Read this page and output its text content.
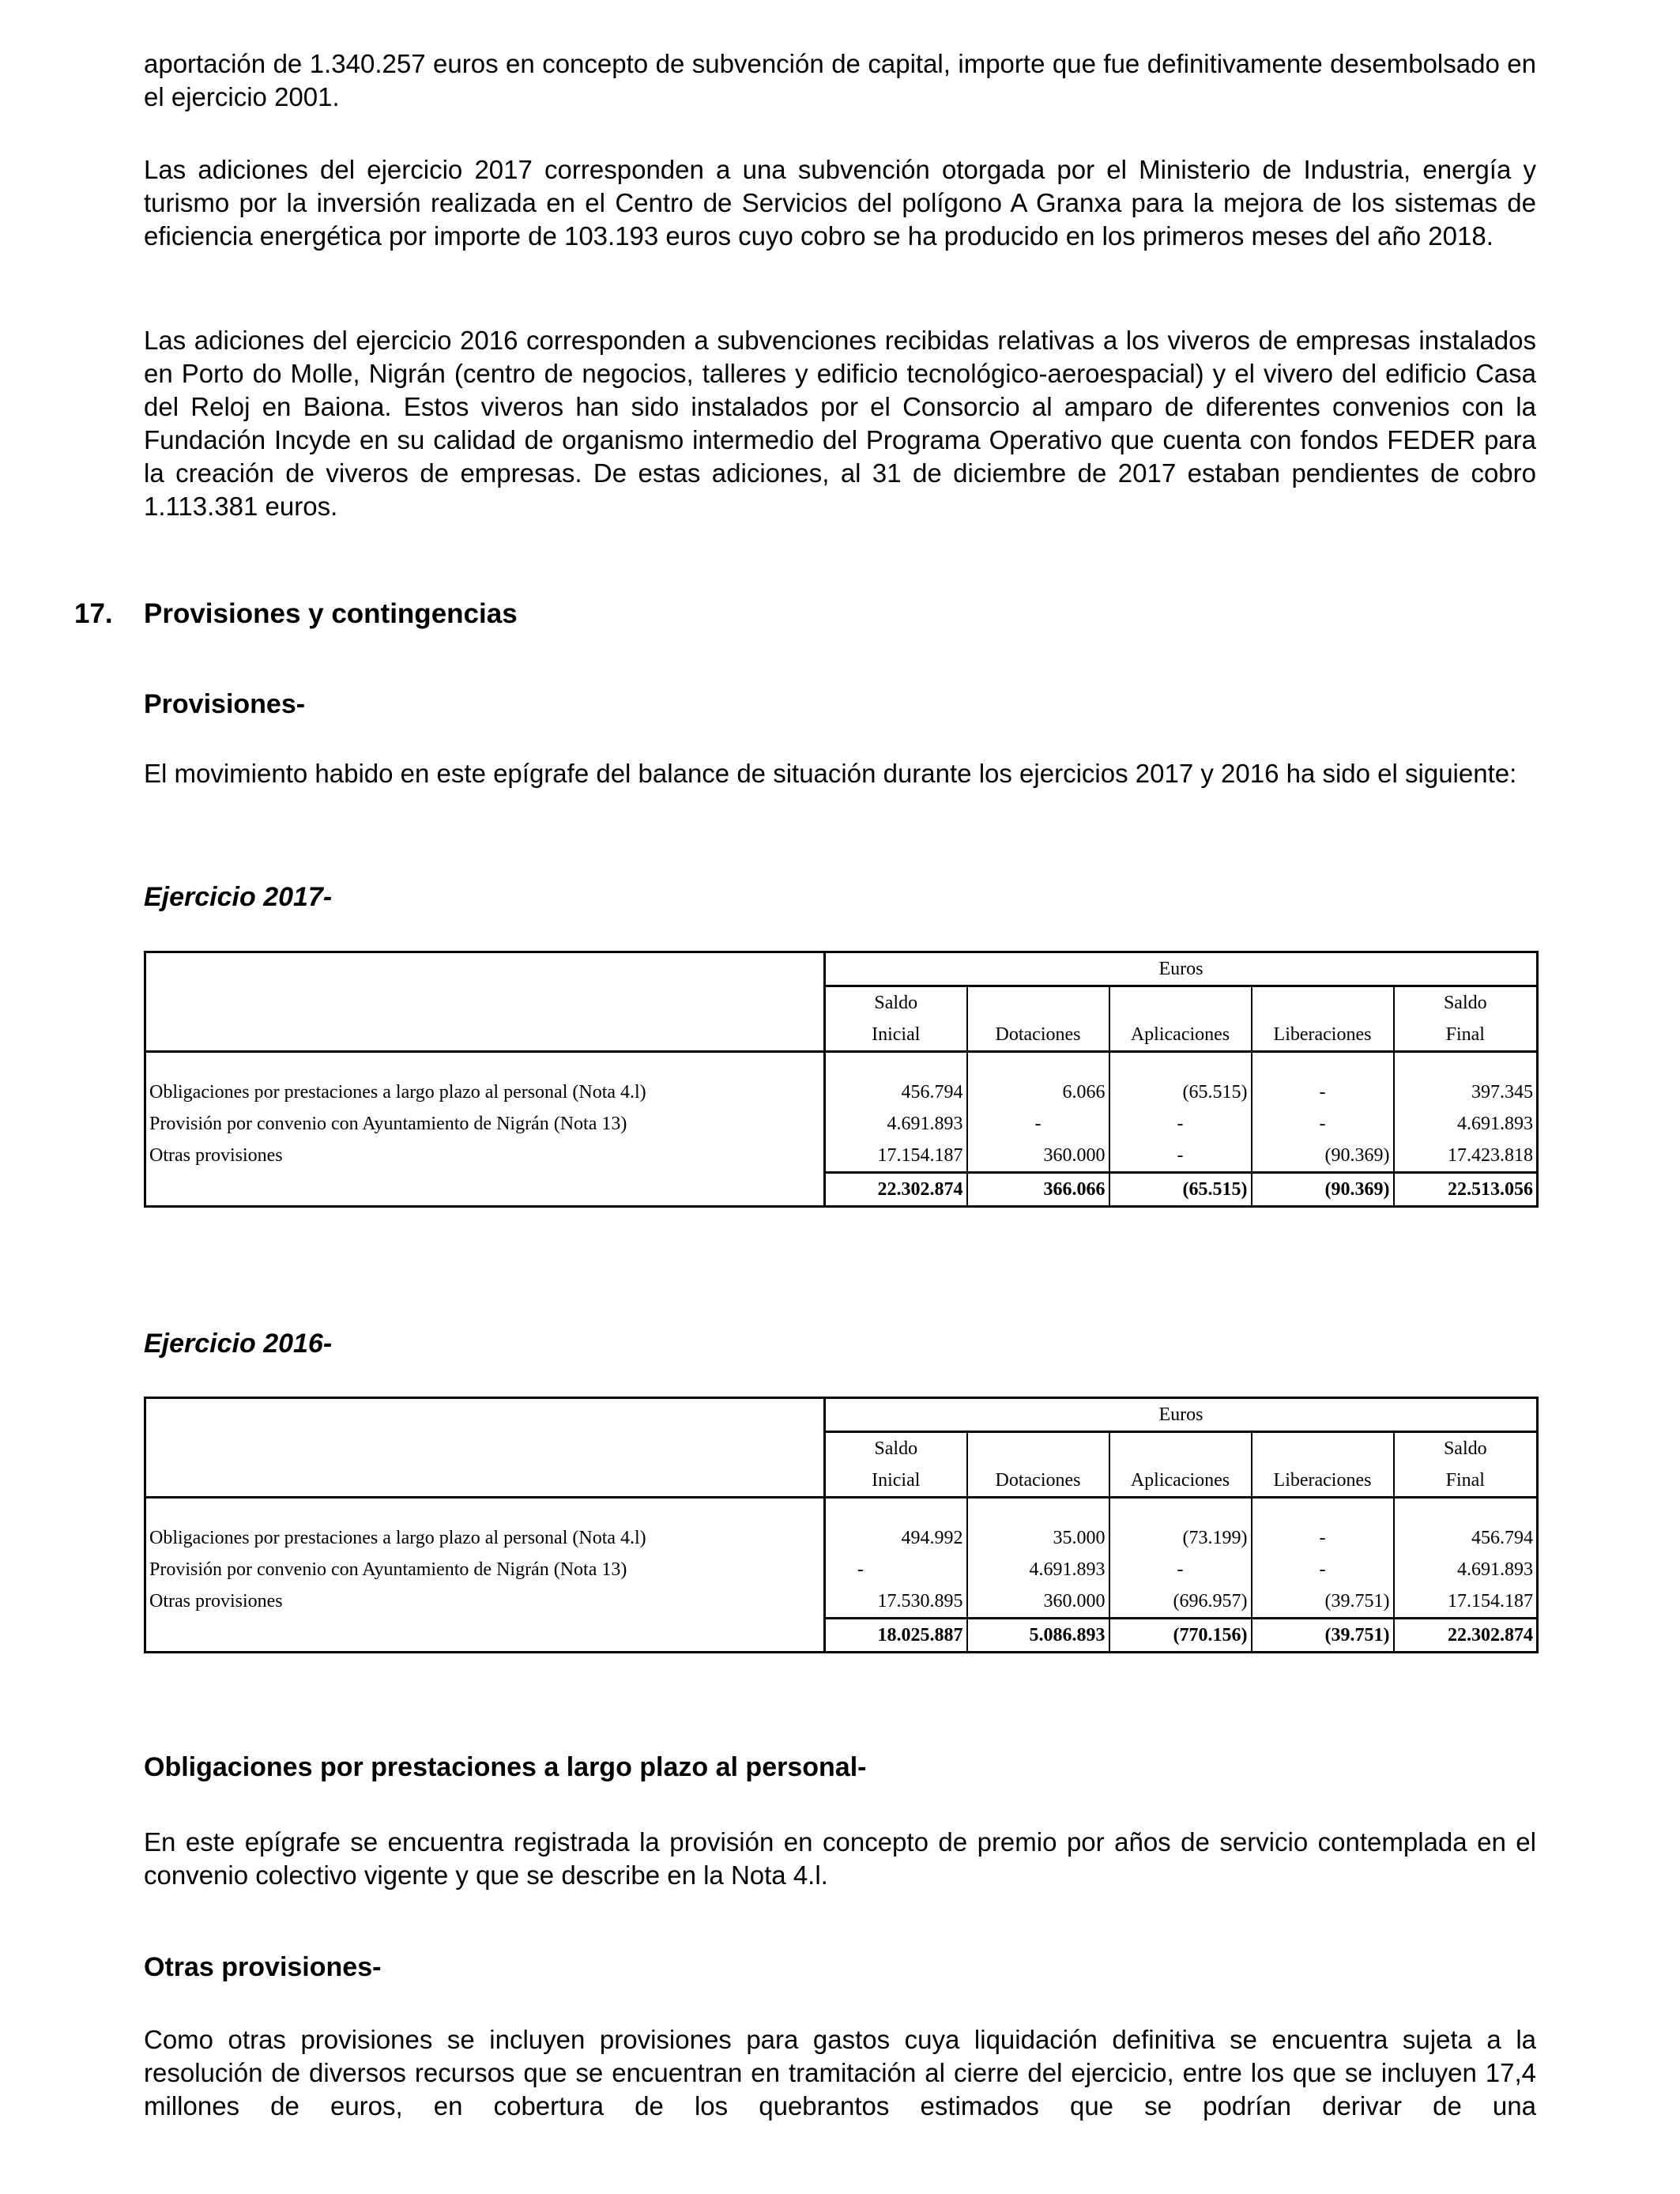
aportación de 1.340.257 euros en concepto de subvención de capital, importe que fue definitivamente desembolsado en el ejercicio 2001.

Las adiciones del ejercicio 2017 corresponden a una subvención otorgada por el Ministerio de Industria, energía y turismo por la inversión realizada en el Centro de Servicios del polígono A Granxa para la mejora de los sistemas de eficiencia energética por importe de 103.193 euros cuyo cobro se ha producido en los primeros meses del año 2018.

Las adiciones del ejercicio 2016 corresponden a subvenciones recibidas relativas a los viveros de empresas instalados en Porto do Molle, Nigrán (centro de negocios, talleres y edificio tecnológico-aeroespacial) y el vivero del edificio Casa del Reloj en Baiona. Estos viveros han sido instalados por el Consorcio al amparo de diferentes convenios con la Fundación Incyde en su calidad de organismo intermedio del Programa Operativo que cuenta con fondos FEDER para la creación de viveros de empresas. De estas adiciones, al 31 de diciembre de 2017 estaban pendientes de cobro 1.113.381 euros.

17. Provisiones y contingencias
Provisiones-

El movimiento habido en este epígrafe del balance de situación durante los ejercicios 2017 y 2016 ha sido el siguiente:

Ejercicio 2017-
	Euros				
	Saldo				Saldo
	Inicial	Dotaciones	Aplicaciones	Liberaciones	Final

Obligaciones por prestaciones a largo plazo al personal (Nota 4.l)	456.794	6.066	(65.515)	-	397.345
Provisión por convenio con Ayuntamiento de Nigrán (Nota 13)	4.691.893	-	-	-	4.691.893
Otras provisiones	17.154.187	360.000	-	(90.369)	17.423.818
	22.302.874	366.066	(65.515)	(90.369)	22.513.056
Ejercicio 2016-
	Euros				
	Saldo				Saldo
	Inicial	Dotaciones	Aplicaciones	Liberaciones	Final

Obligaciones por prestaciones a largo plazo al personal (Nota 4.l)	494.992	35.000	(73.199)	-	456.794
Provisión por convenio con Ayuntamiento de Nigrán (Nota 13)	-	4.691.893	-	-	4.691.893
Otras provisiones	17.530.895	360.000	(696.957)	(39.751)	17.154.187
	18.025.887	5.086.893	(770.156)	(39.751)	22.302.874
Obligaciones por prestaciones a largo plazo al personal-

En este epígrafe se encuentra registrada la provisión en concepto de premio por años de servicio contemplada en el convenio colectivo vigente y que se describe en la Nota 4.l.

Otras provisiones-

Como otras provisiones se incluyen provisiones para gastos cuya liquidación definitiva se encuentra sujeta a la resolución de diversos recursos que se encuentran en tramitación al cierre del ejercicio, entre los que se incluyen 17,4 millones de euros, en cobertura de los quebrantos estimados que se podrían derivar de una
